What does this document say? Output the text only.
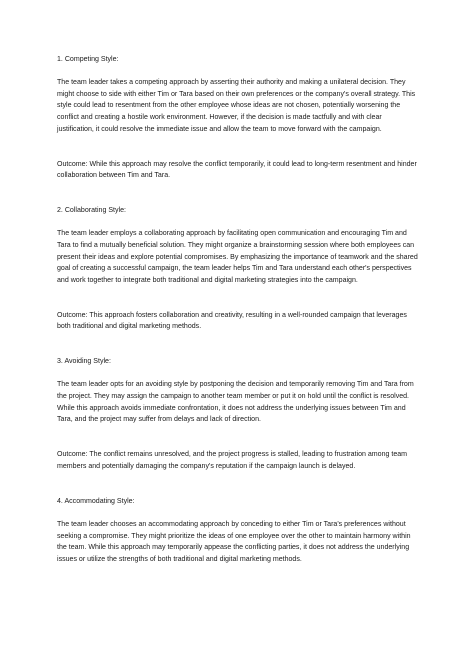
1. Competing Style:

The team leader takes a competing approach by asserting their authority and making a unilateral decision. They might choose to side with either Tim or Tara based on their own preferences or the company's overall strategy. This style could lead to resentment from the other employee whose ideas are not chosen, potentially worsening the conflict and creating a hostile work environment. However, if the decision is made tactfully and with clear justification, it could resolve the immediate issue and allow the team to move forward with the campaign.

Outcome: While this approach may resolve the conflict temporarily, it could lead to long-term resentment and hinder collaboration between Tim and Tara.

2. Collaborating Style:

The team leader employs a collaborating approach by facilitating open communication and encouraging Tim and Tara to find a mutually beneficial solution. They might organize a brainstorming session where both employees can present their ideas and explore potential compromises. By emphasizing the importance of teamwork and the shared goal of creating a successful campaign, the team leader helps Tim and Tara understand each other's perspectives and work together to integrate both traditional and digital marketing strategies into the campaign.

Outcome: This approach fosters collaboration and creativity, resulting in a well-rounded campaign that leverages both traditional and digital marketing methods.

3. Avoiding Style:

The team leader opts for an avoiding style by postponing the decision and temporarily removing Tim and Tara from the project. They may assign the campaign to another team member or put it on hold until the conflict is resolved. While this approach avoids immediate confrontation, it does not address the underlying issues between Tim and Tara, and the project may suffer from delays and lack of direction.

Outcome: The conflict remains unresolved, and the project progress is stalled, leading to frustration among team members and potentially damaging the company's reputation if the campaign launch is delayed.

4. Accommodating Style:

The team leader chooses an accommodating approach by conceding to either Tim or Tara's preferences without seeking a compromise. They might prioritize the ideas of one employee over the other to maintain harmony within the team. While this approach may temporarily appease the conflicting parties, it does not address the underlying issues or utilize the strengths of both traditional and digital marketing methods.
